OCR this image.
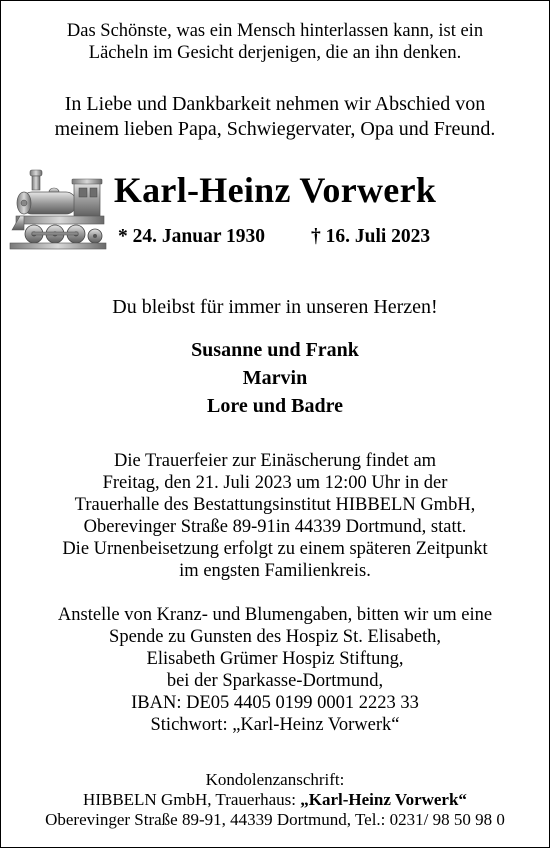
Das Schönste, was ein Mensch hinterlassen kann, ist ein
Lächeln im Gesicht derjenigen, die an ihn denken.
In Liebe und Dankbarkeit nehmen wir Abschied von
meinem lieben Papa, Schwiegervater, Opa und Freund.
Karl-Heinz Vorwerk
* 24. Januar 1930 † 16. Juli 2023
Du bleibst für immer in unseren Herzen!
Susanne und Frank
Marvin
Lore und Badre
Die Trauerfeier zur Einäscherung findet am
Freitag, den 21. Juli 2023 um 12:00 Uhr in der
Trauerhalle des Bestattungsinstitut HIBBELN GmbH,
Oberevinger Straße 89-91in 44339 Dortmund, statt.
Die Urnenbeisetzung erfolgt zu einem späteren Zeitpunkt
im engsten Familienkreis.
Anstelle von Kranz- und Blumengaben, bitten wir um eine
Spende zu Gunsten des Hospiz St. Elisabeth,
Elisabeth Grümer Hospiz Stiftung,
bei der Sparkasse-Dortmund,
IBAN: DE05 4405 0199 0001 2223 33
Stichwort: „Karl-Heinz Vorwerk“
Kondolenzanschrift:
HIBBELN GmbH, Trauerhaus: „Karl-Heinz Vorwerk“
Oberevinger Straße 89-91, 44339 Dortmund, Tel.: 0231/ 98 50 98 0
